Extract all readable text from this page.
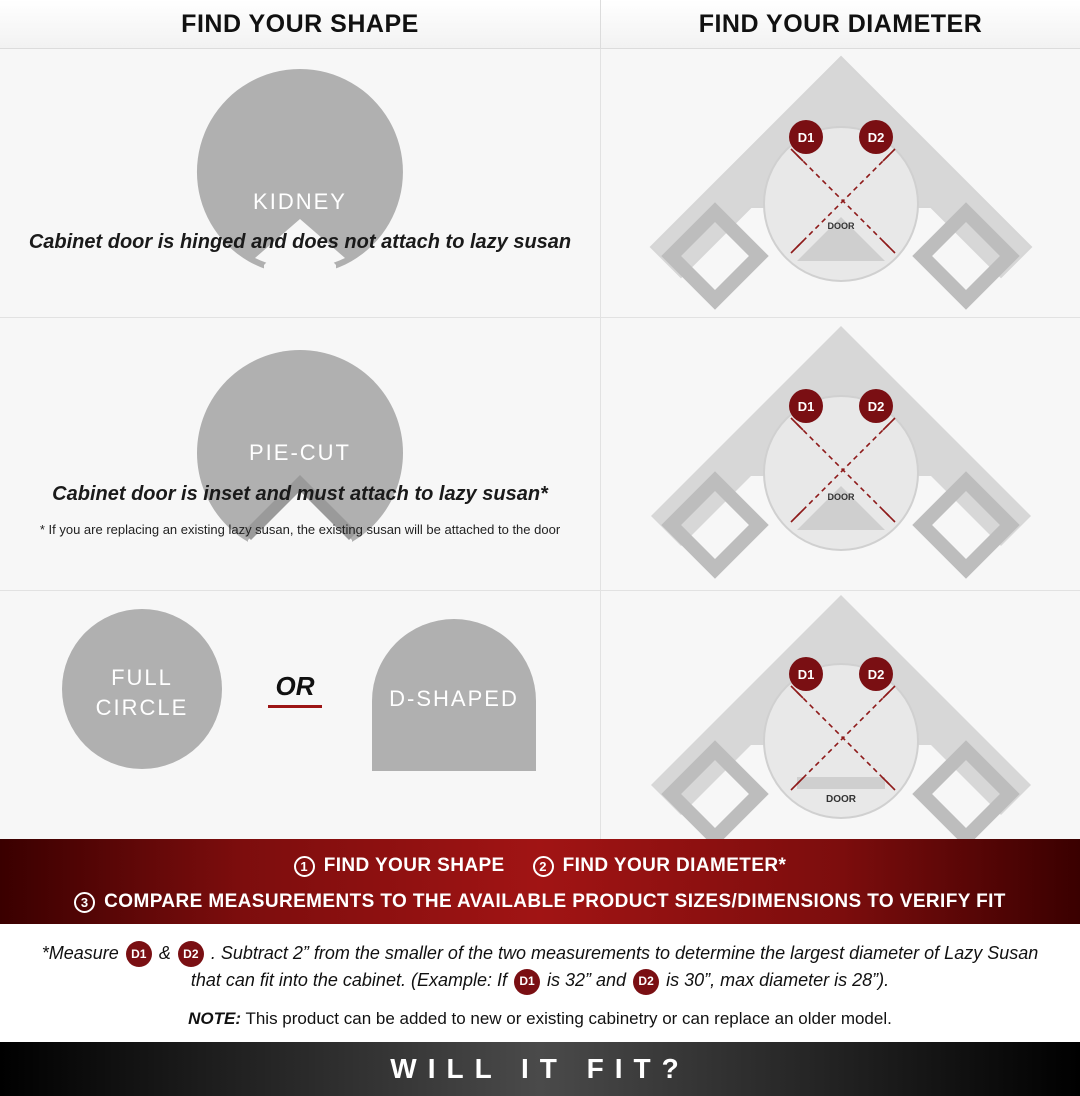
FIND YOUR SHAPE	FIND YOUR DIAMETER
KIDNEY
Cabinet door is hinged and does not attach to lazy susan
D1	D2
DOOR
PIE-CUT
D1	D2
DOOR
FULL CIRCLE
OR	D-SHAPED
D1	D2
DOOR
Cabinet door is inset and must attach to lazy susan*
* If you are replacing an existing lazy susan, the existing susan will be attached to the door
1 FIND YOUR SHAPE	2 FIND YOUR DIAMETER*
3 COMPARE MEASUREMENTS TO THE AVAILABLE PRODUCT SIZES/DIMENSIONS TO VERIFY FIT
*Measure D1 & D2 . Subtract 2” from the smaller of the two measurements to determine the largest diameter of Lazy Susan that can fit into the cabinet. (Example: If D1 is 32” and D2 is 30”, max diameter is 28”).
NOTE: This product can be added to new or existing cabinetry or can replace an older model.
WILL IT FIT?
